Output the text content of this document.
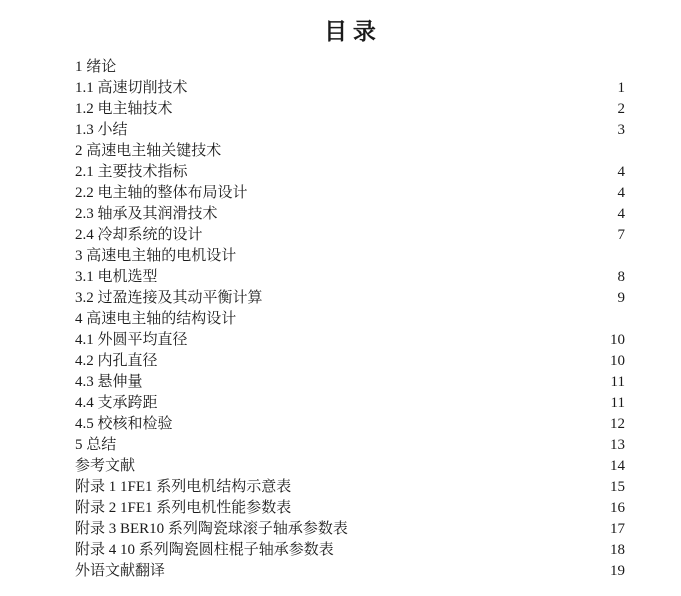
目 录
1 绪论
1.1 高速切削技术	1
1.2 电主轴技术	2
1.3 小结	3
2 高速电主轴关键技术
2.1 主要技术指标	4
2.2 电主轴的整体布局设计	4
2.3 轴承及其润滑技术	4
2.4 冷却系统的设计	7
3 高速电主轴的电机设计
3.1 电机选型	8
3.2 过盈连接及其动平衡计算	9
4 高速电主轴的结构设计
4.1 外圆平均直径	10
4.2 内孔直径	10
4.3 悬伸量	11
4.4 支承跨距	11
4.5 校核和检验	12
5 总结	13
参考文献	14
附录 1 1FE1 系列电机结构示意表	15
附录 2 1FE1 系列电机性能参数表	16
附录 3 BER10 系列陶瓷球滚子轴承参数表	17
附录 4 10 系列陶瓷圆柱棍子轴承参数表	18
外语文献翻译	19
